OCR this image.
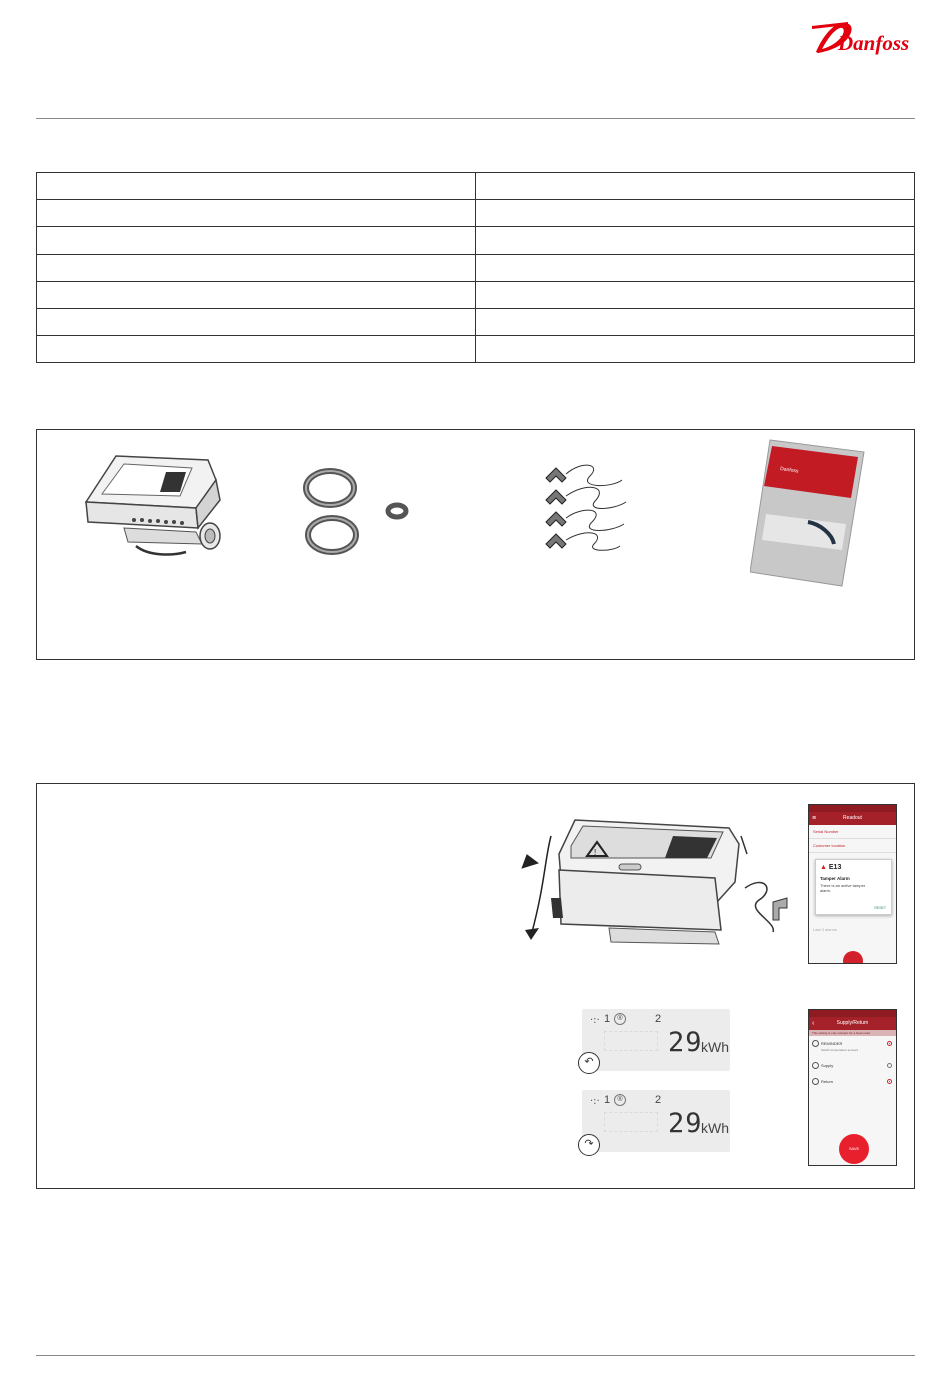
Danfoss

Danfoss
!
≡	Readout
Serial Number
Customer location
▲ E13
Tamper Alarm
There is an active tamper alarm.
RESET
Last 3 alarms
·:· 1	®	2
29
kWh
↶
·:· 1	®	2
29
kWh
↷
‹	Supply/Return
This setting is only relevant for a heat meter.
REMINDER
Switch temperature sensors
Supply
Return
SAVE
